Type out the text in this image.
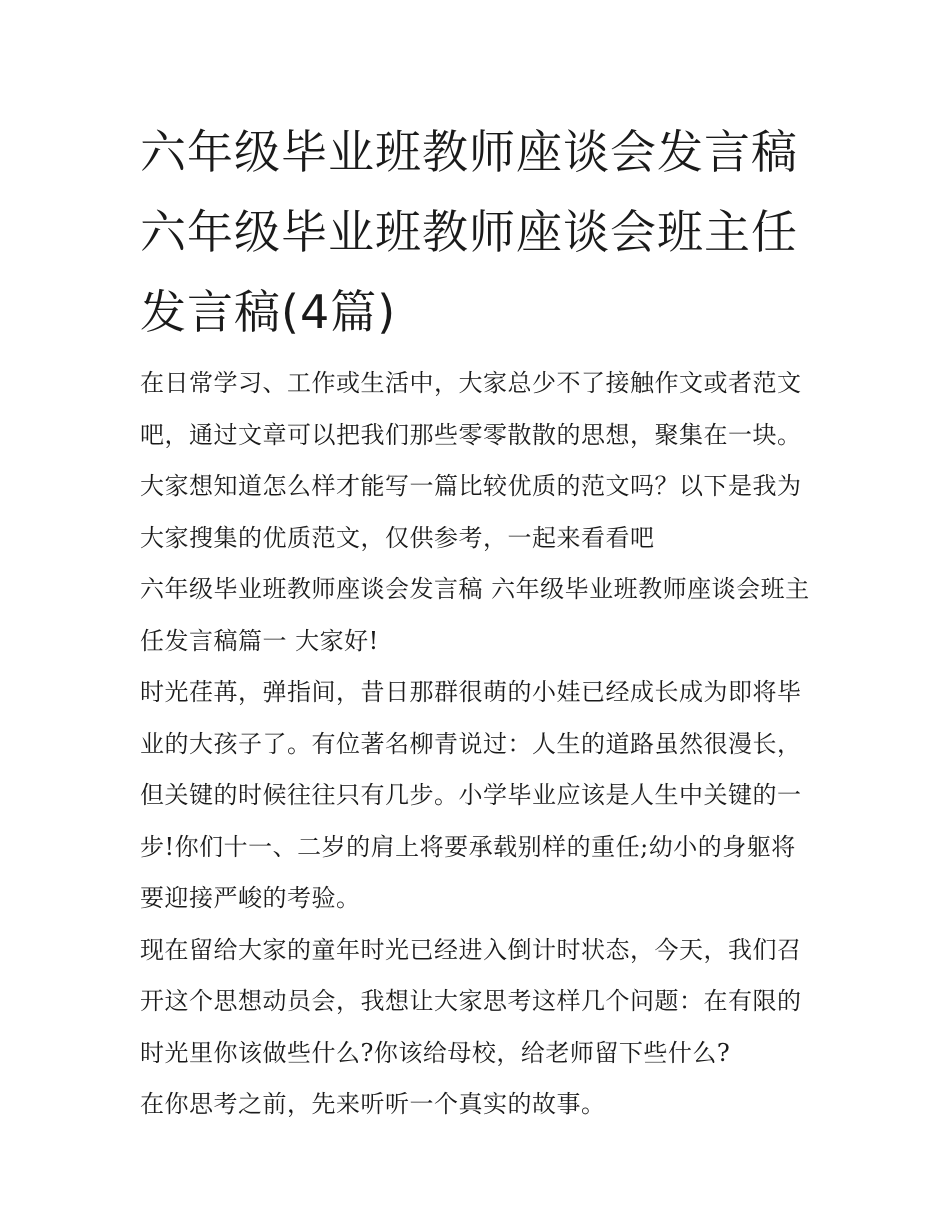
六年级毕业班教师座谈会发言稿 六年级毕业班教师座谈会班主任发言稿(4篇)

在日常学习、工作或生活中，大家总少不了接触作文或者范文吧，通过文章可以把我们那些零零散散的思想，聚集在一块。大家想知道怎么样才能写一篇比较优质的范文吗？以下是我为大家搜集的优质范文，仅供参考，一起来看看吧

六年级毕业班教师座谈会发言稿 六年级毕业班教师座谈会班主任发言稿篇一 大家好!

时光荏苒，弹指间，昔日那群很萌的小娃已经成长成为即将毕业的大孩子了。有位著名柳青说过：人生的道路虽然很漫长，但关键的时候往往只有几步。小学毕业应该是人生中关键的一步!你们十一、二岁的肩上将要承载别样的重任;幼小的身躯将要迎接严峻的考验。

现在留给大家的童年时光已经进入倒计时状态，今天，我们召开这个思想动员会，我想让大家思考这样几个问题：在有限的时光里你该做些什么?你该给母校，给老师留下些什么?

在你思考之前，先来听听一个真实的故事。
